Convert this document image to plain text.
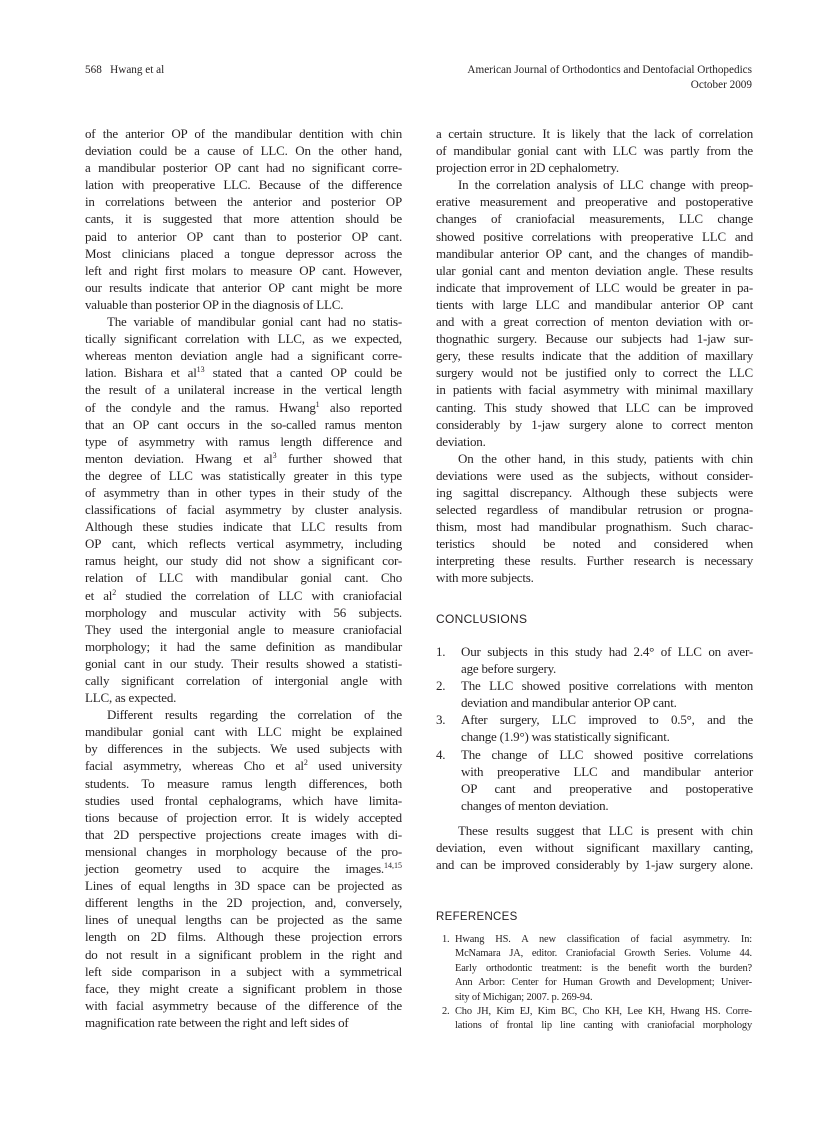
568 Hwang et al	American Journal of Orthodontics and Dentofacial Orthopedics
October 2009
of the anterior OP of the mandibular dentition with chin
deviation could be a cause of LLC. On the other hand,
a mandibular posterior OP cant had no significant corre-
lation with preoperative LLC. Because of the difference
in correlations between the anterior and posterior OP
cants, it is suggested that more attention should be
paid to anterior OP cant than to posterior OP cant.
Most clinicians placed a tongue depressor across the
left and right first molars to measure OP cant. However,
our results indicate that anterior OP cant might be more
valuable than posterior OP in the diagnosis of LLC.
The variable of mandibular gonial cant had no statis-
tically significant correlation with LLC, as we expected,
whereas menton deviation angle had a significant corre-
lation. Bishara et $al^{13}$ stated that a canted OP could be
the result of a unilateral increase in the vertical length
of the condyle and the ramus. Hwang$^1$ also reported
that an OP cant occurs in the so-called ramus menton
type of asymmetry with ramus length difference and
menton deviation. Hwang et $al^3$ further showed that
the degree of LLC was statistically greater in this type
of asymmetry than in other types in their study of the
classifications of facial asymmetry by cluster analysis.
Although these studies indicate that LLC results from
OP cant, which reflects vertical asymmetry, including
ramus height, our study did not show a significant cor-
relation of LLC with mandibular gonial cant. Cho
et $al^2$ studied the correlation of LLC with craniofacial
morphology and muscular activity with 56 subjects.
They used the intergonial angle to measure craniofacial
morphology; it had the same definition as mandibular
gonial cant in our study. Their results showed a statisti-
cally significant correlation of intergonial angle with
LLC, as expected.
Different results regarding the correlation of the
mandibular gonial cant with LLC might be explained
by differences in the subjects. We used subjects with
facial asymmetry, whereas Cho et $al^2$ used university
students. To measure ramus length differences, both
studies used frontal cephalograms, which have limita-
tions because of projection error. It is widely accepted
that 2D perspective projections create images with di-
mensional changes in morphology because of the pro-
jection geometry used to acquire the images.$^{14,15}$
Lines of equal lengths in 3D space can be projected as
different lengths in the 2D projection, and, conversely,
lines of unequal lengths can be projected as the same
length on 2D films. Although these projection errors
do not result in a significant problem in the right and
left side comparison in a subject with a symmetrical
face, they might create a significant problem in those
with facial asymmetry because of the difference of the
magnification rate between the right and left sides of
a certain structure. It is likely that the lack of correlation
of mandibular gonial cant with LLC was partly from the
projection error in 2D cephalometry.
In the correlation analysis of LLC change with preop-
erative measurement and preoperative and postoperative
changes of craniofacial measurements, LLC change
showed positive correlations with preoperative LLC and
mandibular anterior OP cant, and the changes of mandib-
ular gonial cant and menton deviation angle. These results
indicate that improvement of LLC would be greater in pa-
tients with large LLC and mandibular anterior OP cant
and with a great correction of menton deviation with or-
thognathic surgery. Because our subjects had 1-jaw sur-
gery, these results indicate that the addition of maxillary
surgery would not be justified only to correct the LLC
in patients with facial asymmetry with minimal maxillary
canting. This study showed that LLC can be improved
considerably by 1-jaw surgery alone to correct menton
deviation.
On the other hand, in this study, patients with chin
deviations were used as the subjects, without consider-
ing sagittal discrepancy. Although these subjects were
selected regardless of mandibular retrusion or progna-
thism, most had mandibular prognathism. Such charac-
teristics should be noted and considered when
interpreting these results. Further research is necessary
with more subjects.
CONCLUSIONS
1. Our subjects in this study had 2.4° of LLC on aver-
age before surgery.
2. The LLC showed positive correlations with menton
deviation and mandibular anterior OP cant.
3. After surgery, LLC improved to 0.5°, and the
change (1.9°) was statistically significant.
4. The change of LLC showed positive correlations
with preoperative LLC and mandibular anterior
OP cant and preoperative and postoperative
changes of menton deviation.
These results suggest that LLC is present with chin
deviation, even without significant maxillary canting,
and can be improved considerably by 1-jaw surgery alone.
REFERENCES
1. Hwang HS. A new classification of facial asymmetry. In:
McNamara JA, editor. Craniofacial Growth Series. Volume 44.
Early orthodontic treatment: is the benefit worth the burden?
Ann Arbor: Center for Human Growth and Development; Univer-
sity of Michigan; 2007. p. 269-94.
2. Cho JH, Kim EJ, Kim BC, Cho KH, Lee KH, Hwang HS. Corre-
lations of frontal lip line canting with craniofacial morphology
